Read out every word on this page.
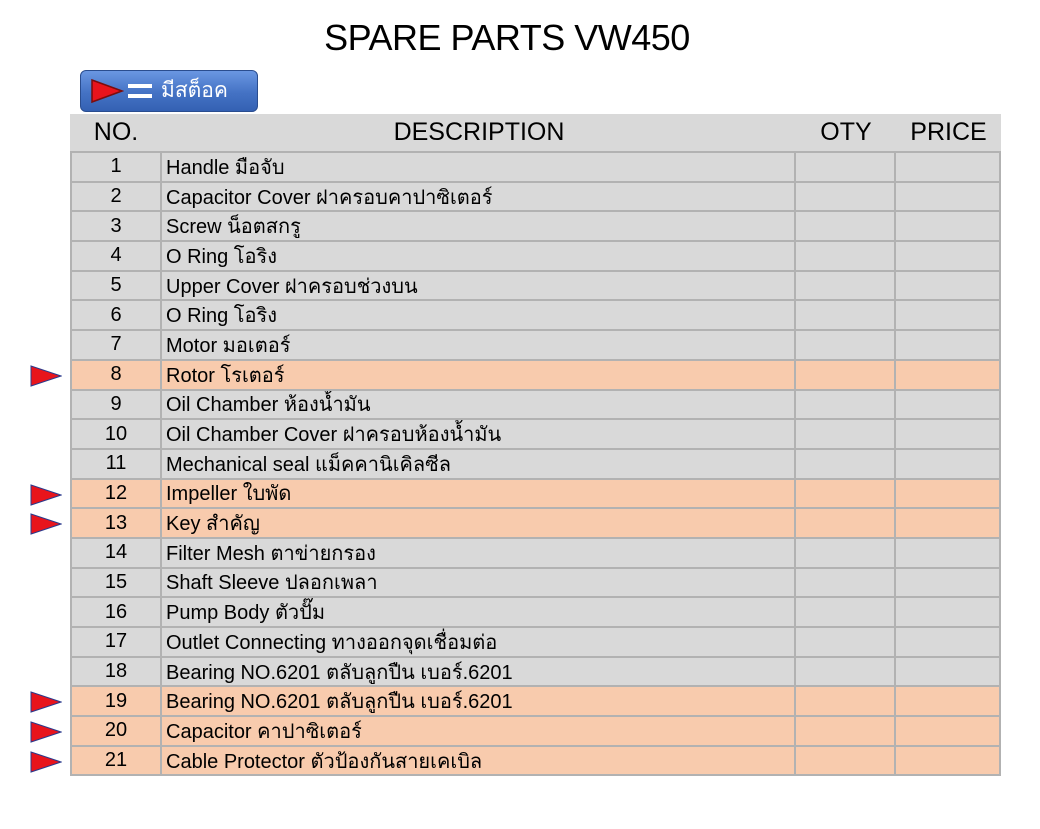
SPARE PARTS VW450
มีสต็อค
NO.	DESCRIPTION	OTY	PRICE
1	Handle มือจับ
2	Capacitor Cover ฝาครอบคาปาซิเตอร์
3	Screw น็อตสกรู
4	O Ring โอริง
5	Upper Cover ฝาครอบช่วงบน
6	O Ring โอริง
7	Motor มอเตอร์
8	Rotor โรเตอร์
9	Oil Chamber ห้องน้ำมัน
10	Oil Chamber Cover ฝาครอบห้องน้ำมัน
11	Mechanical seal แม็คคานิเคิลซีล
12	Impeller ใบพัด
13	Key สำคัญ
14	Filter Mesh ตาข่ายกรอง
15	Shaft Sleeve ปลอกเพลา
16	Pump Body ตัวปั๊ม
17	Outlet Connecting ทางออกจุดเชื่อมต่อ
18	Bearing NO.6201 ตลับลูกปืน เบอร์.6201
19	Bearing NO.6201 ตลับลูกปืน เบอร์.6201
20	Capacitor คาปาซิเตอร์
21	Cable Protector ตัวป้องกันสายเคเบิล
